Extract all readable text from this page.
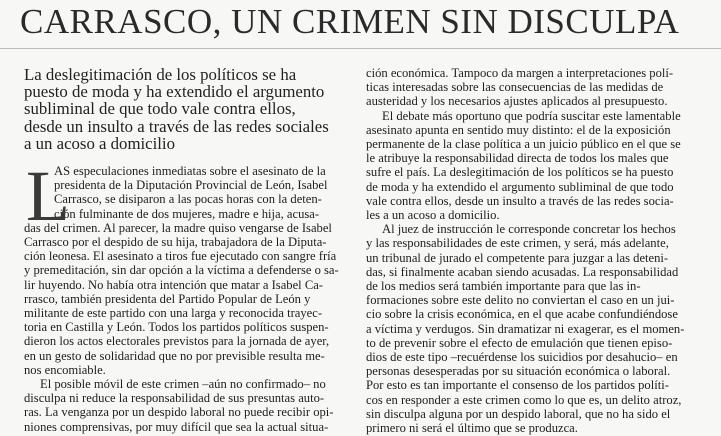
CARRASCO, UN CRIMEN SIN DISCULPA

La deslegitimación de los políticos se ha

puesto de moda y ha extendido el argumento

subliminal de que todo vale contra ellos,

desde un insulto a través de las redes sociales

a un acoso a domicilio

L

AS especulaciones inmediatas sobre el asesinato de la

presidenta de la Diputación Provincial de León, Isabel

Carrasco, se disiparon a las pocas horas con la deten-

ción fulminante de dos mujeres, madre e hija, acusa-

das del crimen. Al parecer, la madre quiso vengarse de Isabel

Carrasco por el despido de su hija, trabajadora de la Diputa-

ción leonesa. El asesinato a tiros fue ejecutado con sangre fría

y premeditación, sin dar opción a la víctima a defenderse o sa-

lir huyendo. No había otra intención que matar a Isabel Ca-

rrasco, también presidenta del Partido Popular de León y

militante de este partido con una larga y reconocida trayec-

toria en Castilla y León. Todos los partidos políticos suspen-

dieron los actos electorales previstos para la jornada de ayer,

en un gesto de solidaridad que no por previsible resulta me-

nos encomiable.

El posible móvil de este crimen –aún no confirmado– no

disculpa ni reduce la responsabilidad de sus presuntas auto-

ras. La venganza por un despido laboral no puede recibir opi-

niones comprensivas, por muy difícil que sea la actual situa-

ción económica. Tampoco da margen a interpretaciones polí-

ticas interesadas sobre las consecuencias de las medidas de

austeridad y los necesarios ajustes aplicados al presupuesto.

El debate más oportuno que podría suscitar este lamentable

asesinato apunta en sentido muy distinto: el de la exposición

permanente de la clase política a un juicio público en el que se

le atribuye la responsabilidad directa de todos los males que

sufre el país. La deslegitimación de los políticos se ha puesto

de moda y ha extendido el argumento subliminal de que todo

vale contra ellos, desde un insulto a través de las redes socia-

les a un acoso a domicilio.

Al juez de instrucción le corresponde concretar los hechos

y las responsabilidades de este crimen, y será, más adelante,

un tribunal de jurado el competente para juzgar a las deteni-

das, si finalmente acaban siendo acusadas. La responsabilidad

de los medios será también importante para que las in-

formaciones sobre este delito no conviertan el caso en un jui-

cio sobre la crisis económica, en el que acabe confundiéndose

a víctima y verdugos. Sin dramatizar ni exagerar, es el momen-

to de prevenir sobre el efecto de emulación que tienen episo-

dios de este tipo –recuérdense los suicidios por desahucio– en

personas desesperadas por su situación económica o laboral.

Por esto es tan importante el consenso de los partidos políti-

cos en responder a este crimen como lo que es, un delito atroz,

sin disculpa alguna por un despido laboral, que no ha sido el

primero ni será el último que se produzca.
